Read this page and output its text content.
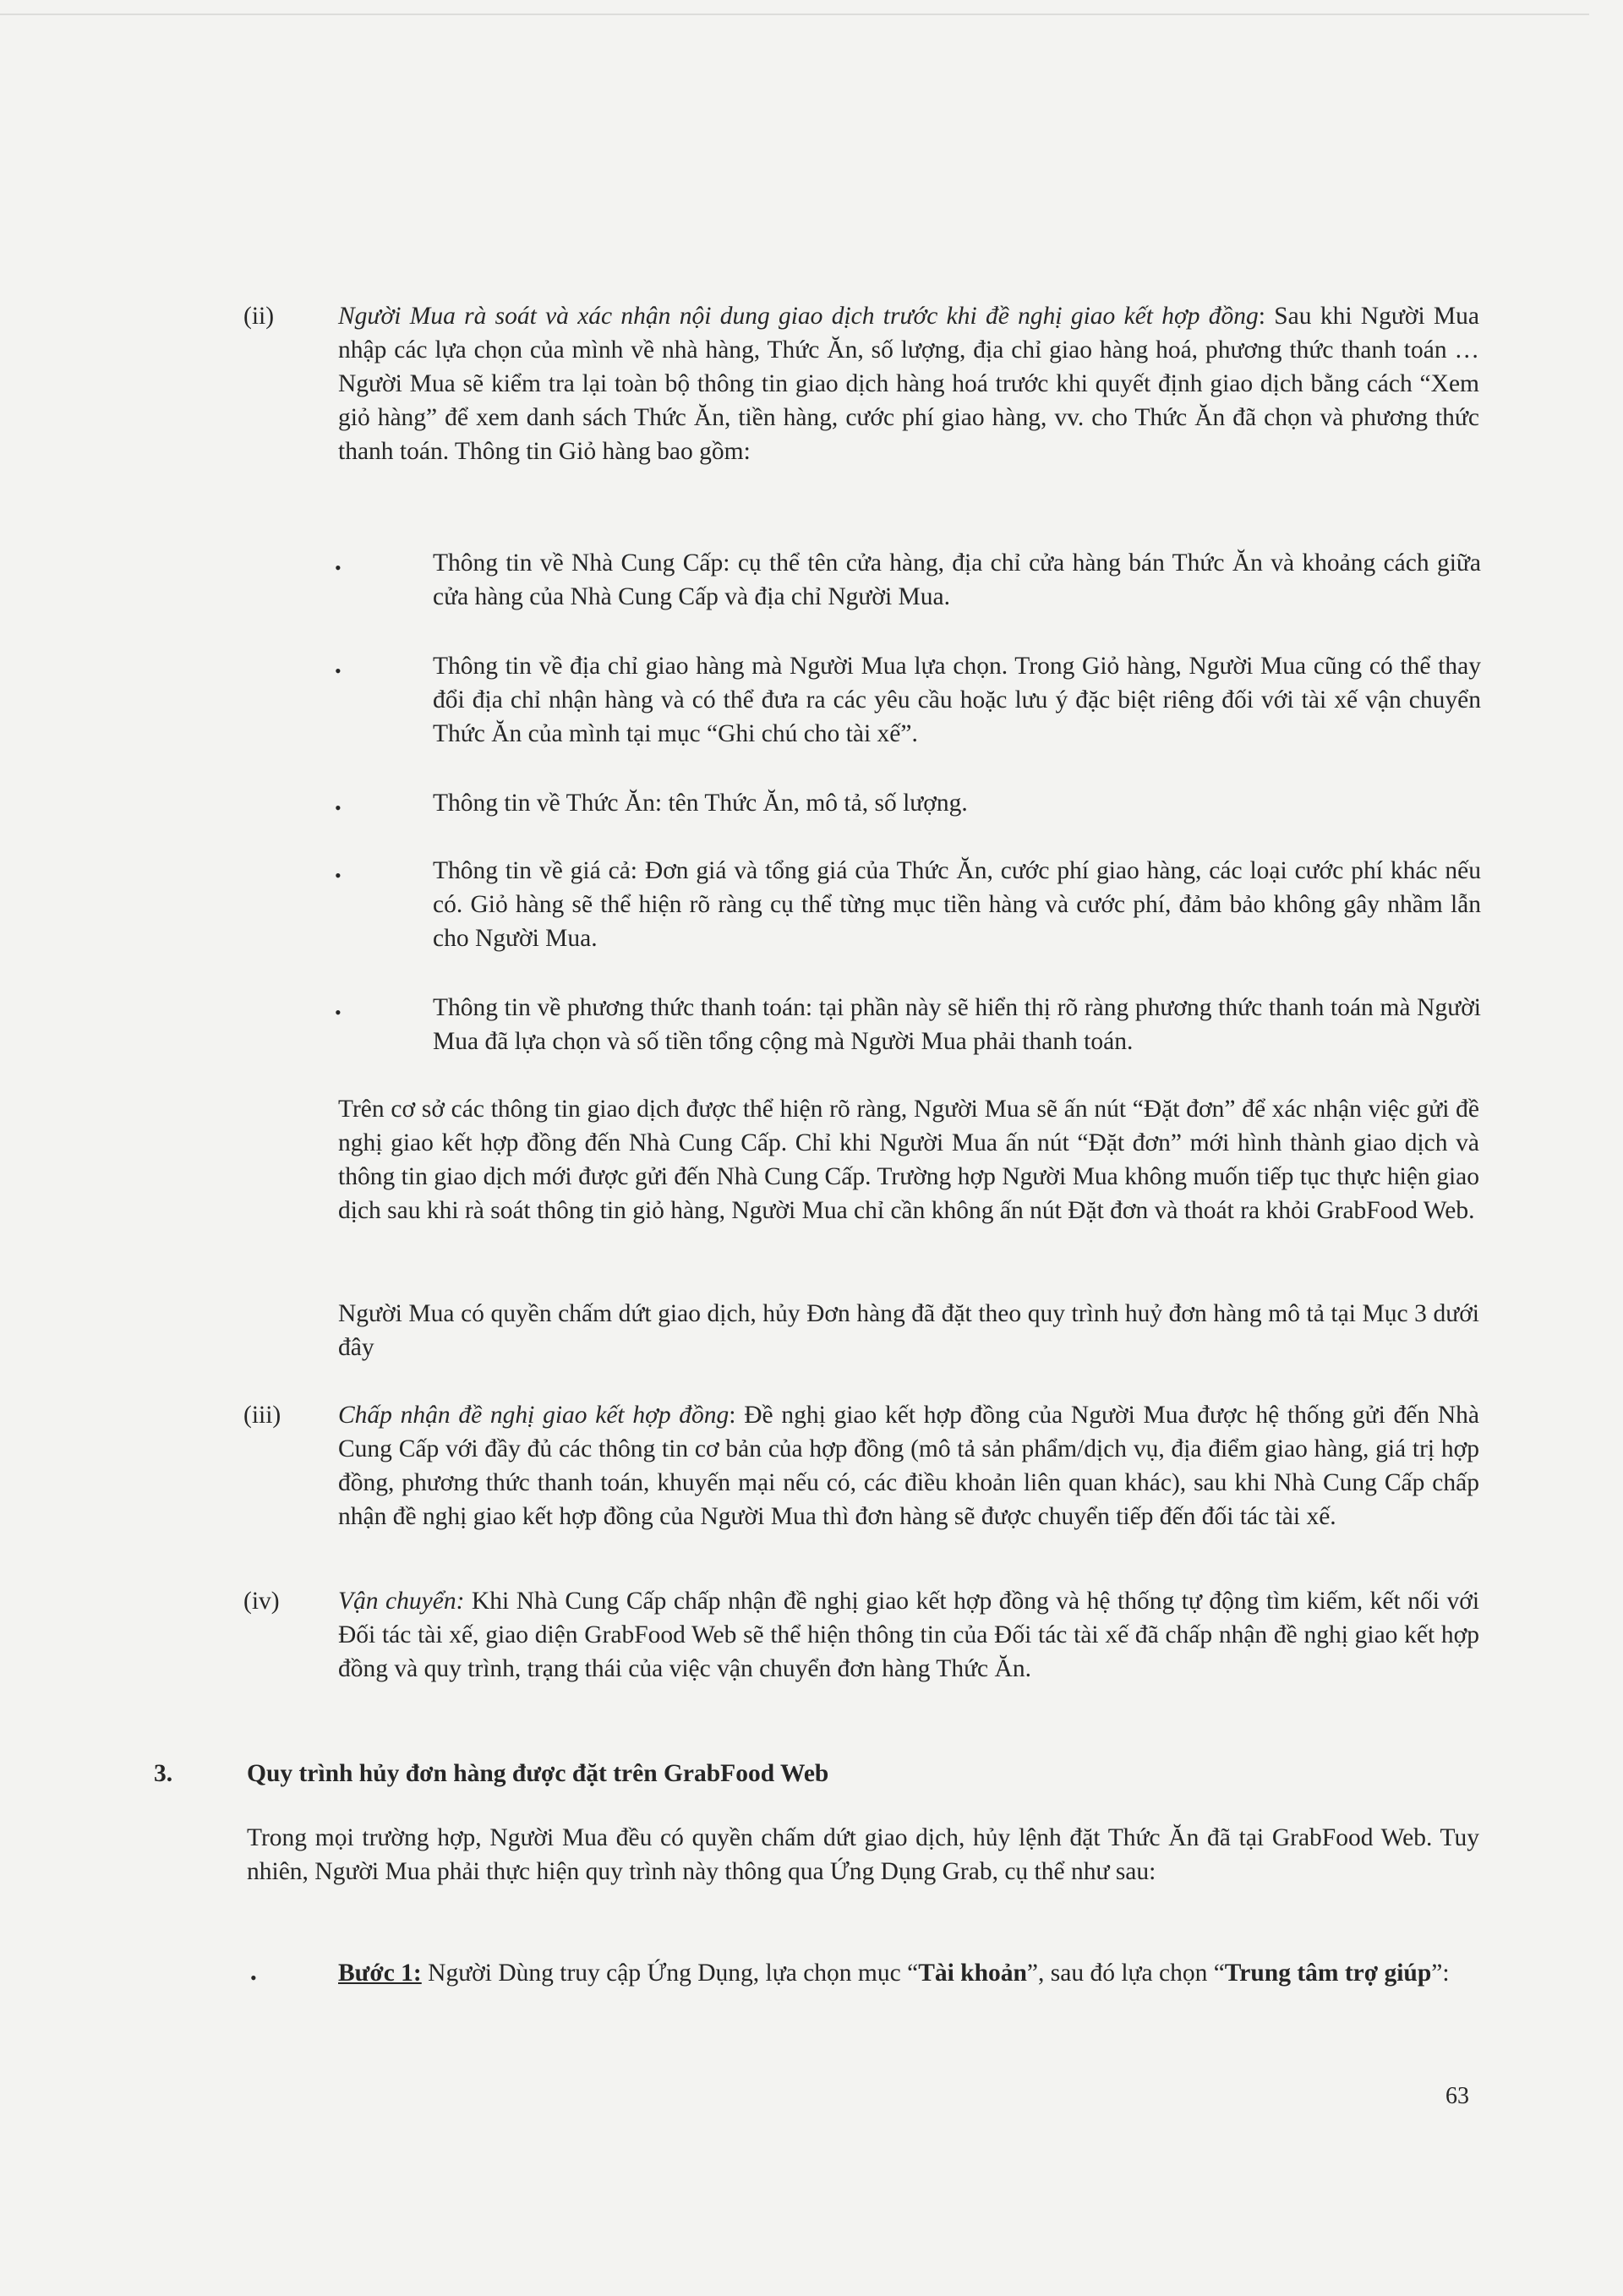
(ii)	Người Mua rà soát và xác nhận nội dung giao dịch trước khi đề nghị giao kết hợp đồng: Sau khi Người Mua nhập các lựa chọn của mình về nhà hàng, Thức Ăn, số lượng, địa chỉ giao hàng hoá, phương thức thanh toán … Người Mua sẽ kiểm tra lại toàn bộ thông tin giao dịch hàng hoá trước khi quyết định giao dịch bằng cách “Xem giỏ hàng” để xem danh sách Thức Ăn, tiền hàng, cước phí giao hàng, vv. cho Thức Ăn đã chọn và phương thức thanh toán. Thông tin Giỏ hàng bao gồm:
•	Thông tin về Nhà Cung Cấp: cụ thể tên cửa hàng, địa chỉ cửa hàng bán Thức Ăn và khoảng cách giữa cửa hàng của Nhà Cung Cấp và địa chỉ Người Mua.
•	Thông tin về địa chỉ giao hàng mà Người Mua lựa chọn. Trong Giỏ hàng, Người Mua cũng có thể thay đổi địa chỉ nhận hàng và có thể đưa ra các yêu cầu hoặc lưu ý đặc biệt riêng đối với tài xế vận chuyển Thức Ăn của mình tại mục “Ghi chú cho tài xế”.
•	Thông tin về Thức Ăn: tên Thức Ăn, mô tả, số lượng.
•	Thông tin về giá cả: Đơn giá và tổng giá của Thức Ăn, cước phí giao hàng, các loại cước phí khác nếu có. Giỏ hàng sẽ thể hiện rõ ràng cụ thể từng mục tiền hàng và cước phí, đảm bảo không gây nhầm lẫn cho Người Mua.
•	Thông tin về phương thức thanh toán: tại phần này sẽ hiển thị rõ ràng phương thức thanh toán mà Người Mua đã lựa chọn và số tiền tổng cộng mà Người Mua phải thanh toán.
Trên cơ sở các thông tin giao dịch được thể hiện rõ ràng, Người Mua sẽ ấn nút “Đặt đơn” để xác nhận việc gửi đề nghị giao kết hợp đồng đến Nhà Cung Cấp. Chỉ khi Người Mua ấn nút “Đặt đơn” mới hình thành giao dịch và thông tin giao dịch mới được gửi đến Nhà Cung Cấp. Trường hợp Người Mua không muốn tiếp tục thực hiện giao dịch sau khi rà soát thông tin giỏ hàng, Người Mua chỉ cần không ấn nút Đặt đơn và thoát ra khỏi GrabFood Web.
Người Mua có quyền chấm dứt giao dịch, hủy Đơn hàng đã đặt theo quy trình huỷ đơn hàng mô tả tại Mục 3 dưới đây
(iii)	Chấp nhận đề nghị giao kết hợp đồng: Đề nghị giao kết hợp đồng của Người Mua được hệ thống gửi đến Nhà Cung Cấp với đầy đủ các thông tin cơ bản của hợp đồng (mô tả sản phẩm/dịch vụ, địa điểm giao hàng, giá trị hợp đồng, phương thức thanh toán, khuyến mại nếu có, các điều khoản liên quan khác), sau khi Nhà Cung Cấp chấp nhận đề nghị giao kết hợp đồng của Người Mua thì đơn hàng sẽ được chuyển tiếp đến đối tác tài xế.
(iv)	Vận chuyển: Khi Nhà Cung Cấp chấp nhận đề nghị giao kết hợp đồng và hệ thống tự động tìm kiếm, kết nối với Đối tác tài xế, giao diện GrabFood Web sẽ thể hiện thông tin của Đối tác tài xế đã chấp nhận đề nghị giao kết hợp đồng và quy trình, trạng thái của việc vận chuyển đơn hàng Thức Ăn.
3.	Quy trình hủy đơn hàng được đặt trên GrabFood Web
Trong mọi trường hợp, Người Mua đều có quyền chấm dứt giao dịch, hủy lệnh đặt Thức Ăn đã tại GrabFood Web. Tuy nhiên, Người Mua phải thực hiện quy trình này thông qua Ứng Dụng Grab, cụ thể như sau:
•	Bước 1: Người Dùng truy cập Ứng Dụng, lựa chọn mục “Tài khoản”, sau đó lựa chọn “Trung tâm trợ giúp”:
63
